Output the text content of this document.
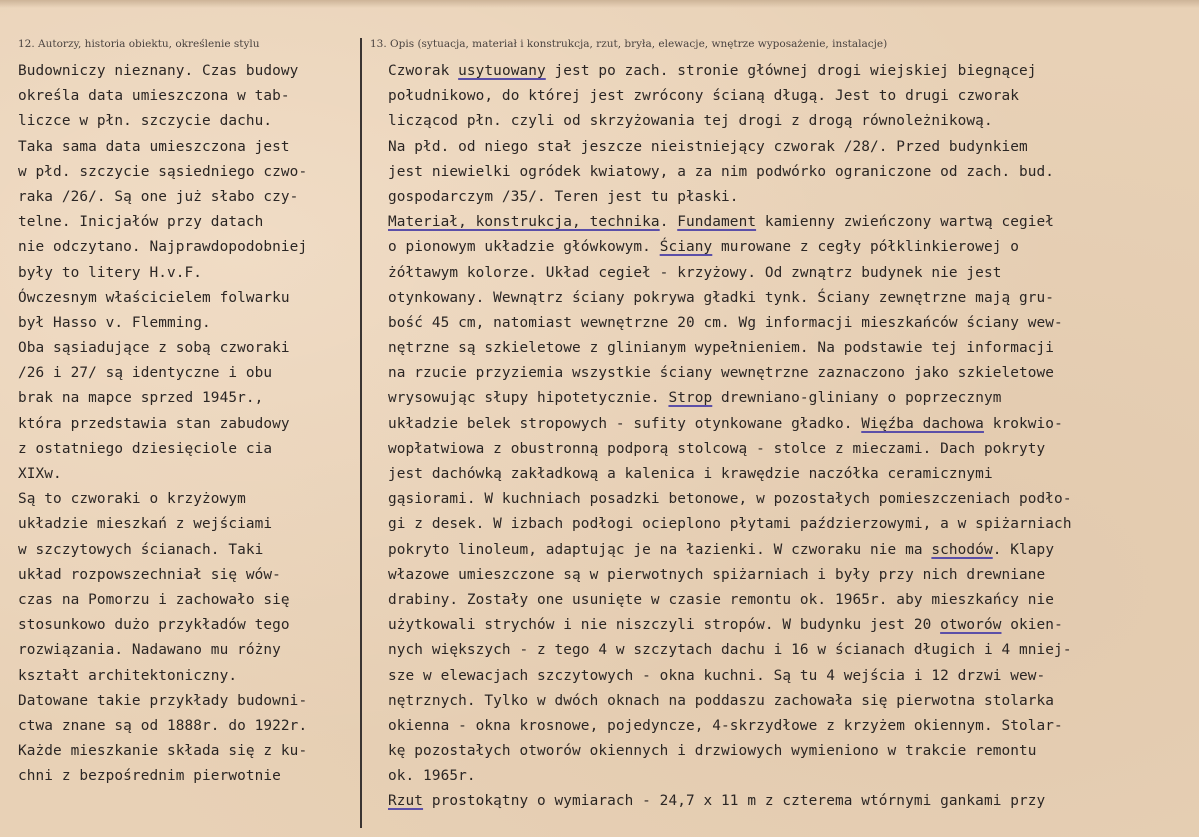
12. Autorzy, historia obiektu, określenie stylu	13. Opis (sytuacja, materiał i konstrukcja, rzut, bryła, elewacje, wnętrze wyposażenie, instalacje)
Budowniczy nieznany. Czas budowy
określa data umieszczona w tab-
liczce w płn. szczycie dachu.
Taka sama data umieszczona jest
w płd. szczycie sąsiedniego czwo-
raka /26/. Są one już słabo czy-
telne. Inicjałów przy datach
nie odczytano. Najprawdopodobniej
były to litery H.v.F.
Ówczesnym właścicielem folwarku
był Hasso v. Flemming.
Oba sąsiadujące z sobą czworaki
/26 i 27/ są identyczne i obu
brak na mapce sprzed 1945r.,
która przedstawia stan zabudowy
z ostatniego dziesięciole cia
XIXw.
Są to czworaki o krzyżowym
układzie mieszkań z wejściami
w szczytowych ścianach. Taki
układ rozpowszechniał się wów-
czas na Pomorzu i zachowało się
stosunkowo dużo przykładów tego
rozwiązania. Nadawano mu różny
kształt architektoniczny.
Datowane takie przykłady budowni-
ctwa znane są od 1888r. do 1922r.
Każde mieszkanie składa się z ku-
chni z bezpośrednim pierwotnie
Czworak usytuowany jest po zach. stronie głównej drogi wiejskiej biegnącej
południkowo, do której jest zwrócony ścianą długą. Jest to drugi czworak
liczącod płn. czyli od skrzyżowania tej drogi z drogą równoleżnikową.
Na płd. od niego stał jeszcze nieistniejący czworak /28/. Przed budynkiem
jest niewielki ogródek kwiatowy, a za nim podwórko ograniczone od zach. bud.
gospodarczym /35/. Teren jest tu płaski.
Materiał, konstrukcja, technika. Fundament kamienny zwieńczony wartwą cegieł
o pionowym układzie główkowym. Ściany murowane z cegły półklinkierowej o
żółtawym kolorze. Układ cegieł - krzyżowy. Od zwnątrz budynek nie jest
otynkowany. Wewnątrz ściany pokrywa gładki tynk. Ściany zewnętrzne mają gru-
bość 45 cm, natomiast wewnętrzne 20 cm. Wg informacji mieszkańców ściany wew-
nętrzne są szkieletowe z glinianym wypełnieniem. Na podstawie tej informacji
na rzucie przyziemia wszystkie ściany wewnętrzne zaznaczono jako szkieletowe
wrysowując słupy hipotetycznie. Strop drewniano-gliniany o poprzecznym
układzie belek stropowych - sufity otynkowane gładko. Więźba dachowa krokwio-
wopłatwiowa z obustronną podporą stolcową - stolce z mieczami. Dach pokryty
jest dachówką zakładkową a kalenica i krawędzie naczółka ceramicznymi
gąsiorami. W kuchniach posadzki betonowe, w pozostałych pomieszczeniach podło-
gi z desek. W izbach podłogi ocieplono płytami paździerzowymi, a w spiżarniach
pokryto linoleum, adaptując je na łazienki. W czworaku nie ma schodów. Klapy
włazowe umieszczone są w pierwotnych spiżarniach i były przy nich drewniane
drabiny. Zostały one usunięte w czasie remontu ok. 1965r. aby mieszkańcy nie
użytkowali strychów i nie niszczyli stropów. W budynku jest 20 otworów okien-
nych większych - z tego 4 w szczytach dachu i 16 w ścianach długich i 4 mniej-
sze w elewacjach szczytowych - okna kuchni. Są tu 4 wejścia i 12 drzwi wew-
nętrznych. Tylko w dwóch oknach na poddaszu zachowała się pierwotna stolarka
okienna - okna krosnowe, pojedyncze, 4-skrzydłowe z krzyżem okiennym. Stolar-
kę pozostałych otworów okiennych i drzwiowych wymieniono w trakcie remontu
ok. 1965r.
Rzut prostokątny o wymiarach - 24,7 x 11 m z czterema wtórnymi gankami przy
